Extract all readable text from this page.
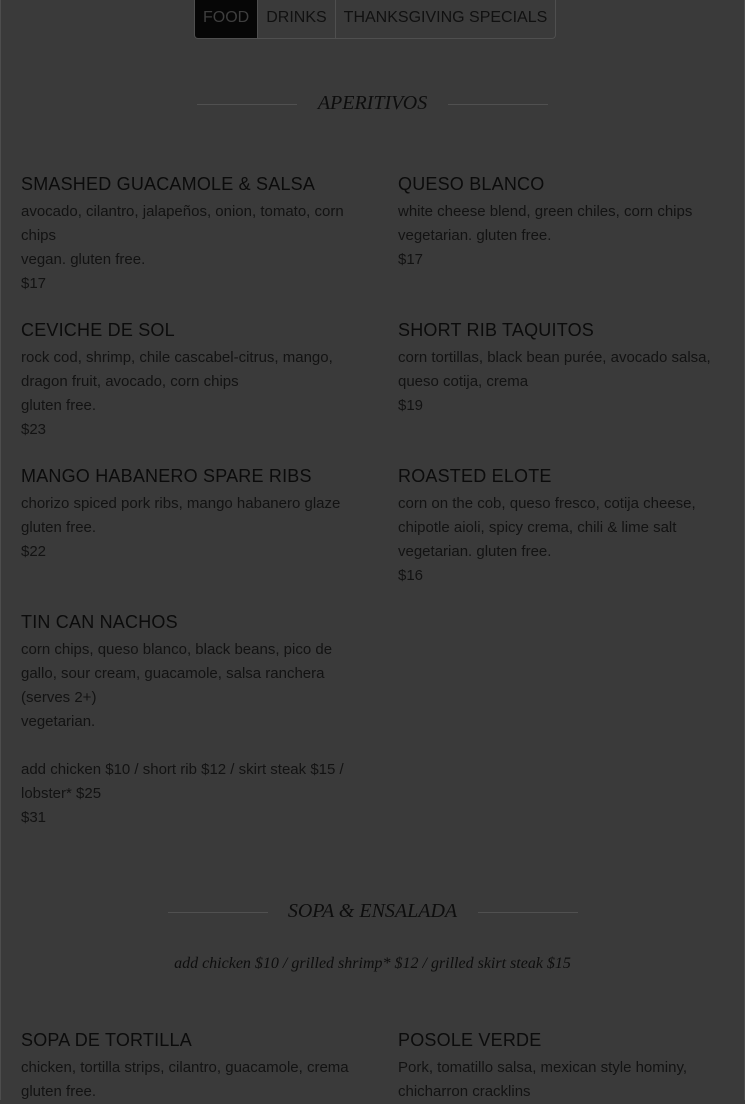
FOOD	DRINKS	THANKSGIVING SPECIALS
APERITIVOS
SMASHED GUACAMOLE & SALSA
avocado, cilantro, jalapeños, onion, tomato, corn
chips
vegan. gluten free.
$17
CEVICHE DE SOL
rock cod, shrimp, chile cascabel-citrus, mango,
dragon fruit, avocado, corn chips
gluten free.
$23
MANGO HABANERO SPARE RIBS
chorizo spiced pork ribs, mango habanero glaze
gluten free.
$22
TIN CAN NACHOS
corn chips, queso blanco, black beans, pico de
gallo, sour cream, guacamole, salsa ranchera
(serves 2+)
vegetarian.
add chicken $10 / short rib $12 / skirt steak $15 /
lobster* $25
$31
QUESO BLANCO
white cheese blend, green chiles, corn chips
vegetarian. gluten free.
$17
SHORT RIB TAQUITOS
corn tortillas, black bean purée, avocado salsa,
queso cotija, crema
$19
ROASTED ELOTE
corn on the cob, queso fresco, cotija cheese,
chipotle aioli, spicy crema, chili & lime salt
vegetarian. gluten free.
$16
SOPA & ENSALADA
add chicken $10 / grilled shrimp* $12 / grilled skirt steak $15
SOPA DE TORTILLA
chicken, tortilla strips, cilantro, guacamole, crema
gluten free.
POSOLE VERDE
Pork, tomatillo salsa, mexican style hominy,
chicharron cracklins
